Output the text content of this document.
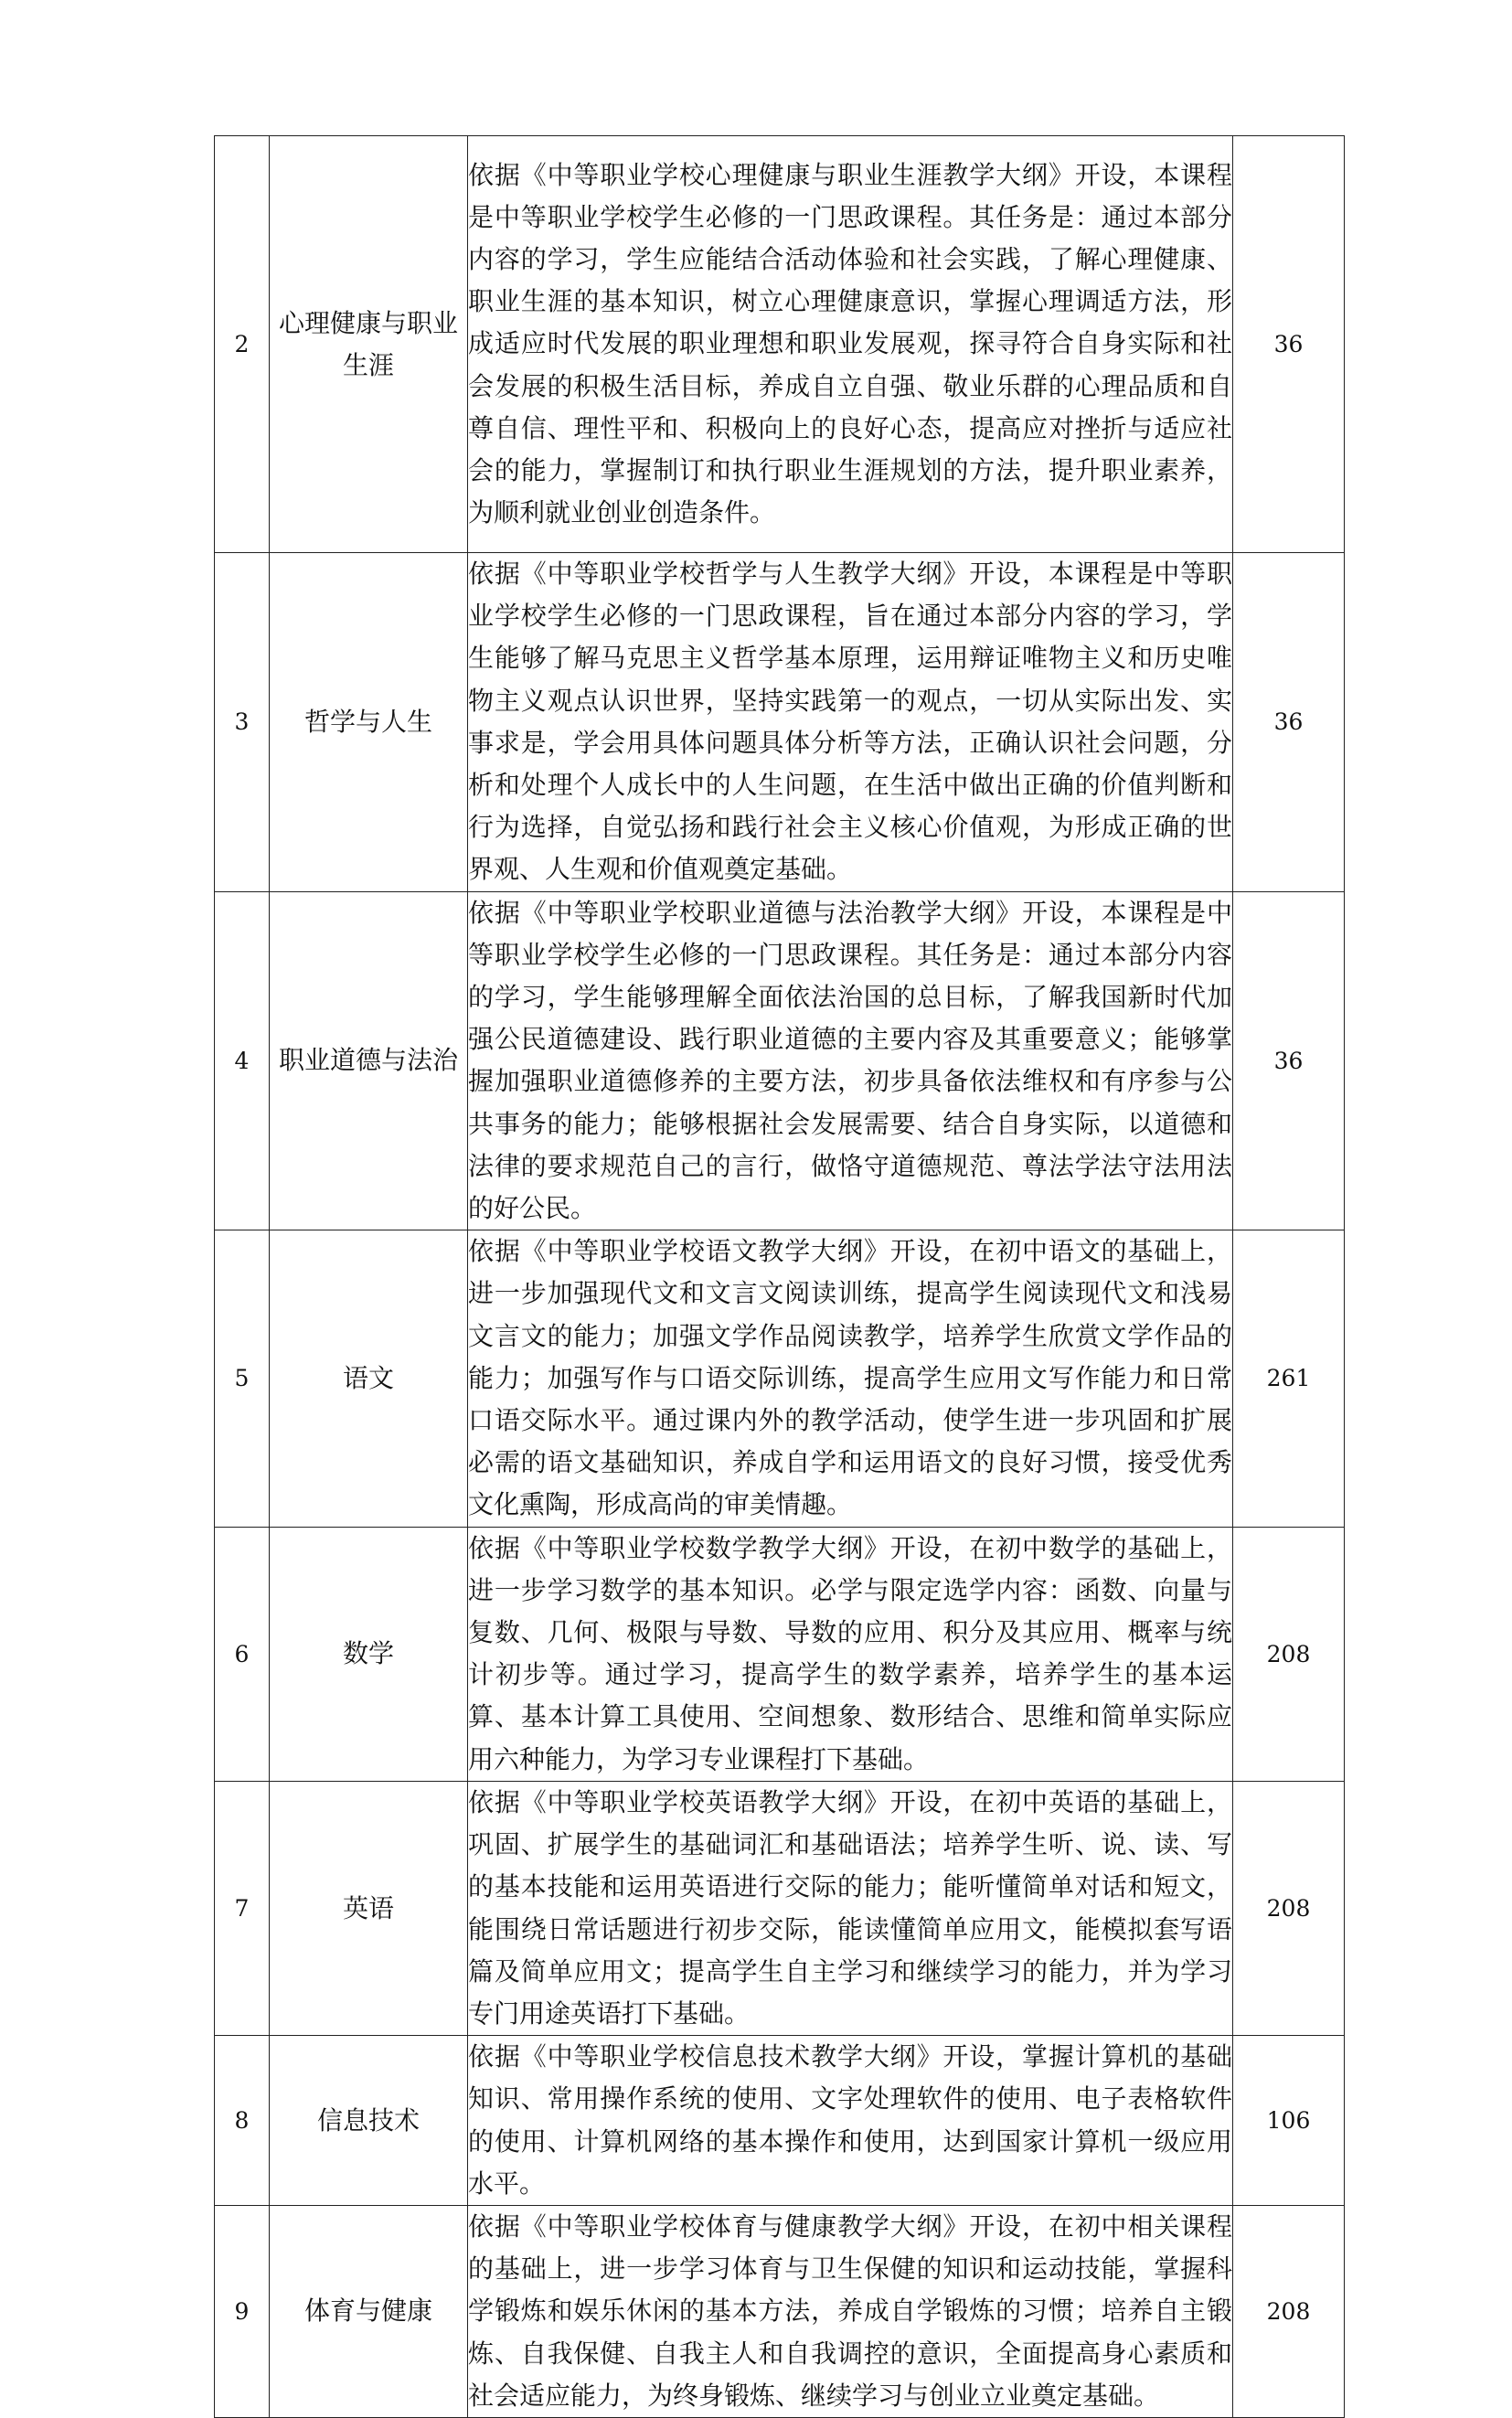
2	心理健康与职业生涯	依据《中等职业学校心理健康与职业生涯教学大纲》开设，本课程是中等职业学校学生必修的一门思政课程。其任务是：通过本部分内容的学习，学生应能结合活动体验和社会实践，了解心理健康、职业生涯的基本知识，树立心理健康意识，掌握心理调适方法，形成适应时代发展的职业理想和职业发展观，探寻符合自身实际和社会发展的积极生活目标，养成自立自强、敬业乐群的心理品质和自尊自信、理性平和、积极向上的良好心态，提高应对挫折与适应社会的能力，掌握制订和执行职业生涯规划的方法，提升职业素养，为顺利就业创业创造条件。	36
3	哲学与人生	依据《中等职业学校哲学与人生教学大纲》开设，本课程是中等职业学校学生必修的一门思政课程，旨在通过本部分内容的学习，学生能够了解马克思主义哲学基本原理，运用辩证唯物主义和历史唯物主义观点认识世界，坚持实践第一的观点，一切从实际出发、实事求是，学会用具体问题具体分析等方法，正确认识社会问题，分析和处理个人成长中的人生问题，在生活中做出正确的价值判断和行为选择，自觉弘扬和践行社会主义核心价值观，为形成正确的世界观、人生观和价值观奠定基础。	36
4	职业道德与法治	依据《中等职业学校职业道德与法治教学大纲》开设，本课程是中等职业学校学生必修的一门思政课程。其任务是：通过本部分内容的学习，学生能够理解全面依法治国的总目标，了解我国新时代加强公民道德建设、践行职业道德的主要内容及其重要意义；能够掌握加强职业道德修养的主要方法，初步具备依法维权和有序参与公共事务的能力；能够根据社会发展需要、结合自身实际，以道德和法律的要求规范自己的言行，做恪守道德规范、尊法学法守法用法的好公民。	36
5	语文	依据《中等职业学校语文教学大纲》开设，在初中语文的基础上，进一步加强现代文和文言文阅读训练，提高学生阅读现代文和浅易文言文的能力；加强文学作品阅读教学，培养学生欣赏文学作品的能力；加强写作与口语交际训练，提高学生应用文写作能力和日常口语交际水平。通过课内外的教学活动，使学生进一步巩固和扩展必需的语文基础知识，养成自学和运用语文的良好习惯，接受优秀文化熏陶，形成高尚的审美情趣。	261
6	数学	依据《中等职业学校数学教学大纲》开设，在初中数学的基础上，进一步学习数学的基本知识。必学与限定选学内容：函数、向量与复数、几何、极限与导数、导数的应用、积分及其应用、概率与统计初步等。通过学习，提高学生的数学素养，培养学生的基本运算、基本计算工具使用、空间想象、数形结合、思维和简单实际应用六种能力，为学习专业课程打下基础。	208
7	英语	依据《中等职业学校英语教学大纲》开设，在初中英语的基础上，巩固、扩展学生的基础词汇和基础语法；培养学生听、说、读、写的基本技能和运用英语进行交际的能力；能听懂简单对话和短文，能围绕日常话题进行初步交际，能读懂简单应用文，能模拟套写语篇及简单应用文；提高学生自主学习和继续学习的能力，并为学习专门用途英语打下基础。	208
8	信息技术	依据《中等职业学校信息技术教学大纲》开设，掌握计算机的基础知识、常用操作系统的使用、文字处理软件的使用、电子表格软件的使用、计算机网络的基本操作和使用，达到国家计算机一级应用水平。	106
9	体育与健康	依据《中等职业学校体育与健康教学大纲》开设，在初中相关课程的基础上，进一步学习体育与卫生保健的知识和运动技能，掌握科学锻炼和娱乐休闲的基本方法，养成自学锻炼的习惯；培养自主锻炼、自我保健、自我主人和自我调控的意识，全面提高身心素质和社会适应能力，为终身锻炼、继续学习与创业立业奠定基础。	208
